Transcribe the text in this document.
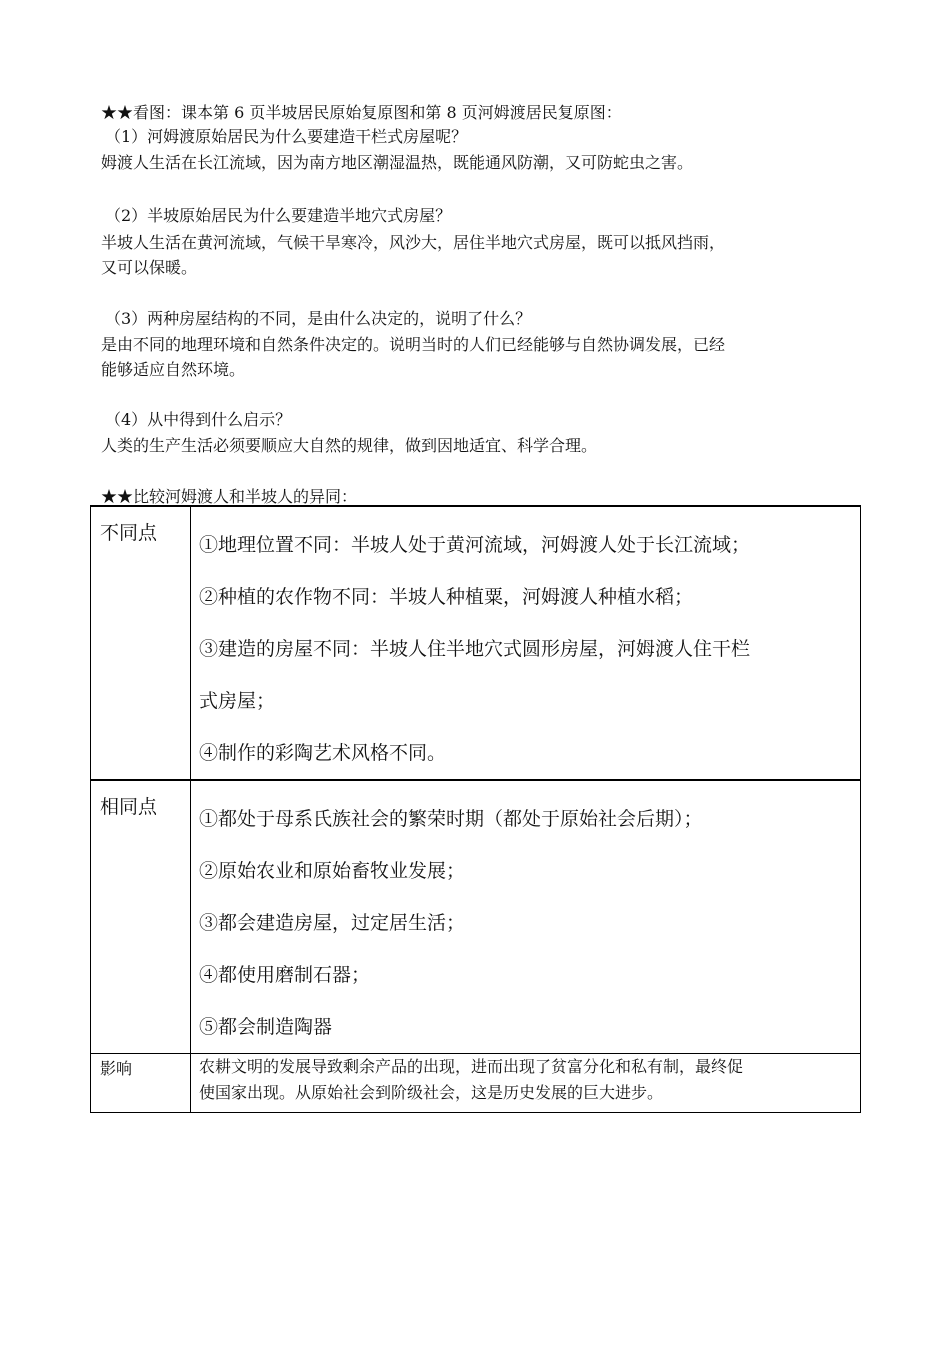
★★看图：课本第 6 页半坡居民原始复原图和第 8 页河姆渡居民复原图：
（1）河姆渡原始居民为什么要建造干栏式房屋呢？
姆渡人生活在长江流域，因为南方地区潮湿温热，既能通风防潮，又可防蛇虫之害。
（2）半坡原始居民为什么要建造半地穴式房屋？
半坡人生活在黄河流域，气候干旱寒冷，风沙大，居住半地穴式房屋，既可以抵风挡雨，
又可以保暖。
（3）两种房屋结构的不同，是由什么决定的，说明了什么？
是由不同的地理环境和自然条件决定的。说明当时的人们已经能够与自然协调发展，已经
能够适应自然环境。
（4）从中得到什么启示？
人类的生产生活必须要顺应大自然的规律，做到因地适宜、科学合理。
★★比较河姆渡人和半坡人的异同：
不同点	①地理位置不同：半坡人处于黄河流域，河姆渡人处于长江流域；
②种植的农作物不同：半坡人种植粟，河姆渡人种植水稻；
③建造的房屋不同：半坡人住半地穴式圆形房屋，河姆渡人住干栏
式房屋；
④制作的彩陶艺术风格不同。

相同点	①都处于母系氏族社会的繁荣时期（都处于原始社会后期）；
②原始农业和原始畜牧业发展；
③都会建造房屋，过定居生活；
④都使用磨制石器；
⑤都会制造陶器

影响	农耕文明的发展导致剩余产品的出现，进而出现了贫富分化和私有制，最终促
使国家出现。从原始社会到阶级社会，这是历史发展的巨大进步。
